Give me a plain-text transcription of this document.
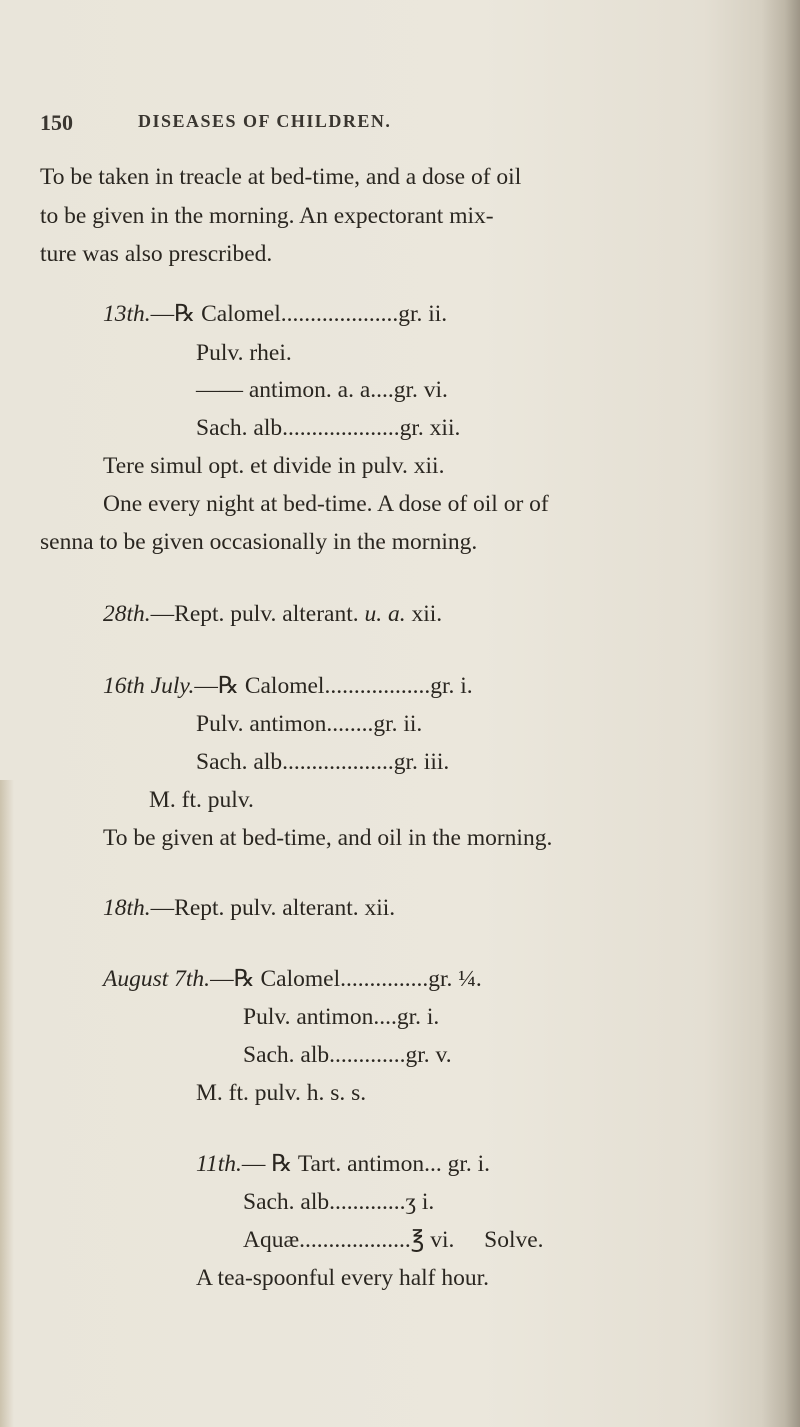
150	DISEASES OF CHILDREN.
To be taken in treacle at bed-time, and a dose of oil
to be given in the morning. An expectorant mix-
ture was also prescribed.
13th.—℞ Calomel....................gr. ii.
Pulv. rhei.
—— antimon. a. a....gr. vi.
Sach. alb....................gr. xii.
Tere simul opt. et divide in pulv. xii.
One every night at bed-time. A dose of oil or of
senna to be given occasionally in the morning.
28th.—Rept. pulv. alterant. u. a. xii.
16th July.—℞ Calomel..................gr. i.
Pulv. antimon........gr. ii.
Sach. alb...................gr. iii.
M. ft. pulv.
To be given at bed-time, and oil in the morning.
18th.—Rept. pulv. alterant. xii.
August 7th.—℞ Calomel...............gr. ¼.
Pulv. antimon....gr. i.
Sach. alb.............gr. v.
M. ft. pulv. h. s. s.
11th.— ℞ Tart. antimon... gr. i.
Sach. alb.............ʒ i.
Aquæ...................℥ vi. Solve.
A tea-spoonful every half hour.
